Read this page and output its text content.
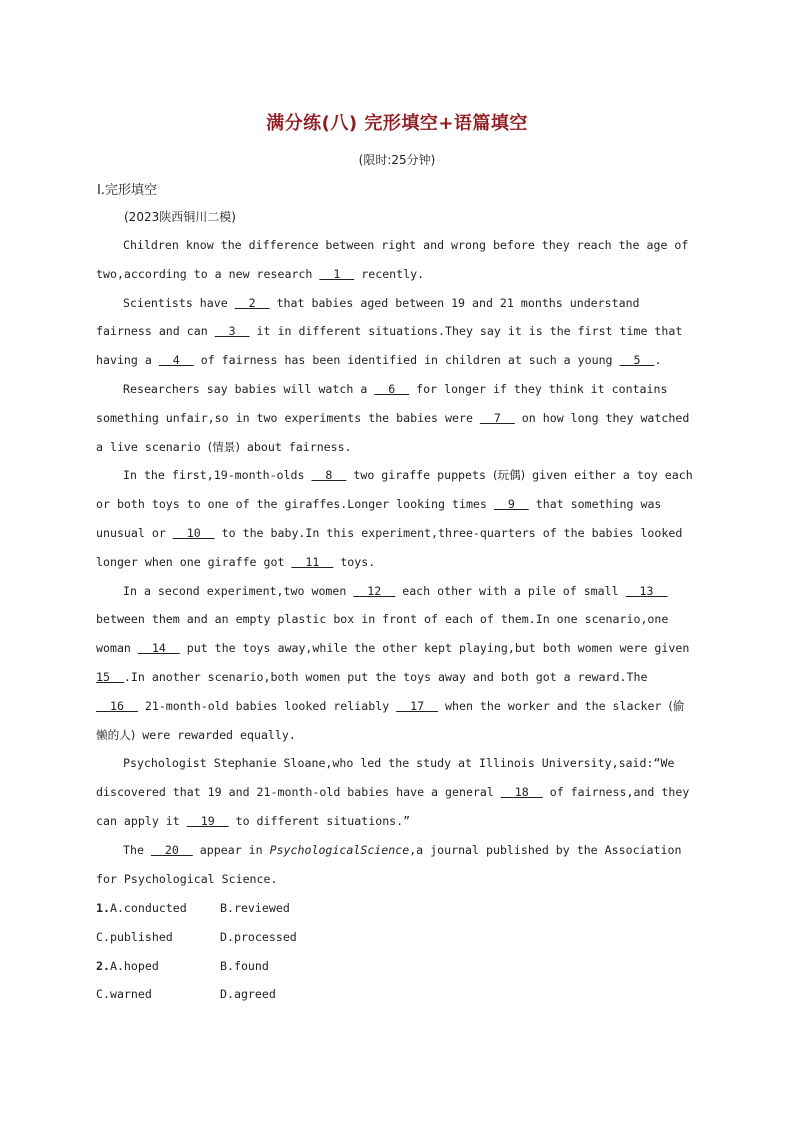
满分练(八) 完形填空+语篇填空
(限时:25分钟)
Ⅰ.完形填空
(2023陕西铜川二模)

Children know the difference between right and wrong before they reach the age of two,according to a new research   1   recently.

Scientists have   2   that babies aged between 19 and 21 months understand fairness and can   3   it in different situations.They say it is the first time that having a   4   of fairness has been identified in children at such a young   5  .

Researchers say babies will watch a   6   for longer if they think it contains something unfair,so in two experiments the babies were   7   on how long they watched a live scenario (情景) about fairness.

In the first,19-month-olds   8   two giraffe puppets (玩偶) given either a toy each or both toys to one of the giraffes.Longer looking times   9   that something was unusual or   10   to the baby.In this experiment,three-quarters of the babies looked longer when one giraffe got   11   toys.

In a second experiment,two women   12   each other with a pile of small   13   between them and an empty plastic box in front of each of them.In one scenario,one woman   14   put the toys away,while the other kept playing,but both women were given 15  .In another scenario,both women put the toys away and both got a reward.The   16   21-month-old babies looked reliably   17   when the worker and the slacker (偷懒的人) were rewarded equally.

Psychologist Stephanie Sloane,who led the study at Illinois University,said:“We discovered that 19 and 21-month-old babies have a general   18   of fairness,and they can apply it   19   to different situations.”

The   20   appear in PsychologicalScience,a journal published by the Association for Psychological Science.

1.A.conducted	B.reviewed
C.published	D.processed
2.A.hoped	B.found
C.warned	D.agreed
